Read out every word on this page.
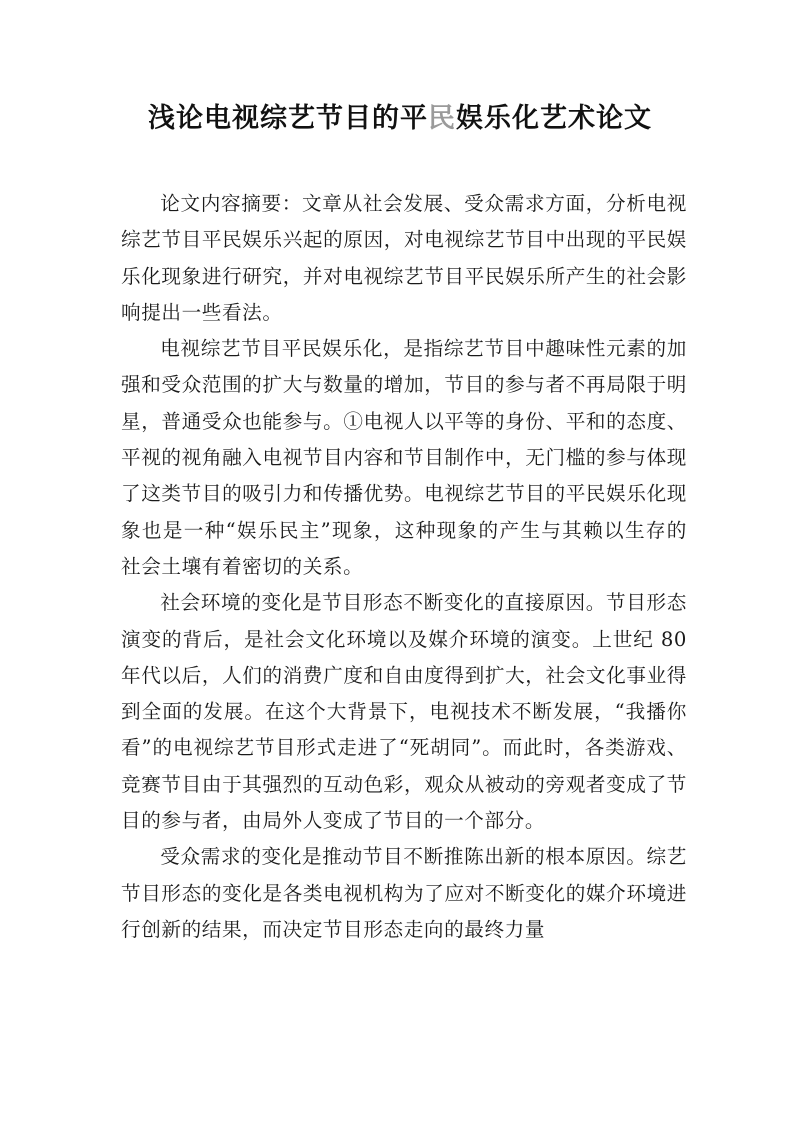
浅论电视综艺节目的平民娱乐化艺术论文

论文内容摘要：文章从社会发展、受众需求方面，分析电视综艺节目平民娱乐兴起的原因，对电视综艺节目中出现的平民娱乐化现象进行研究，并对电视综艺节目平民娱乐所产生的社会影响提出一些看法。

电视综艺节目平民娱乐化，是指综艺节目中趣味性元素的加强和受众范围的扩大与数量的增加，节目的参与者不再局限于明星，普通受众也能参与。①电视人以平等的身份、平和的态度、平视的视角融入电视节目内容和节目制作中，无门槛的参与体现了这类节目的吸引力和传播优势。电视综艺节目的平民娱乐化现象也是一种“娱乐民主”现象，这种现象的产生与其赖以生存的社会土壤有着密切的关系。

社会环境的变化是节目形态不断变化的直接原因。节目形态演变的背后，是社会文化环境以及媒介环境的演变。上世纪 80 年代以后，人们的消费广度和自由度得到扩大，社会文化事业得到全面的发展。在这个大背景下，电视技术不断发展，“我播你看”的电视综艺节目形式走进了“死胡同”。而此时，各类游戏、竞赛节目由于其强烈的互动色彩，观众从被动的旁观者变成了节目的参与者，由局外人变成了节目的一个部分。

受众需求的变化是推动节目不断推陈出新的根本原因。综艺节目形态的变化是各类电视机构为了应对不断变化的媒介环境进行创新的结果，而决定节目形态走向的最终力量
